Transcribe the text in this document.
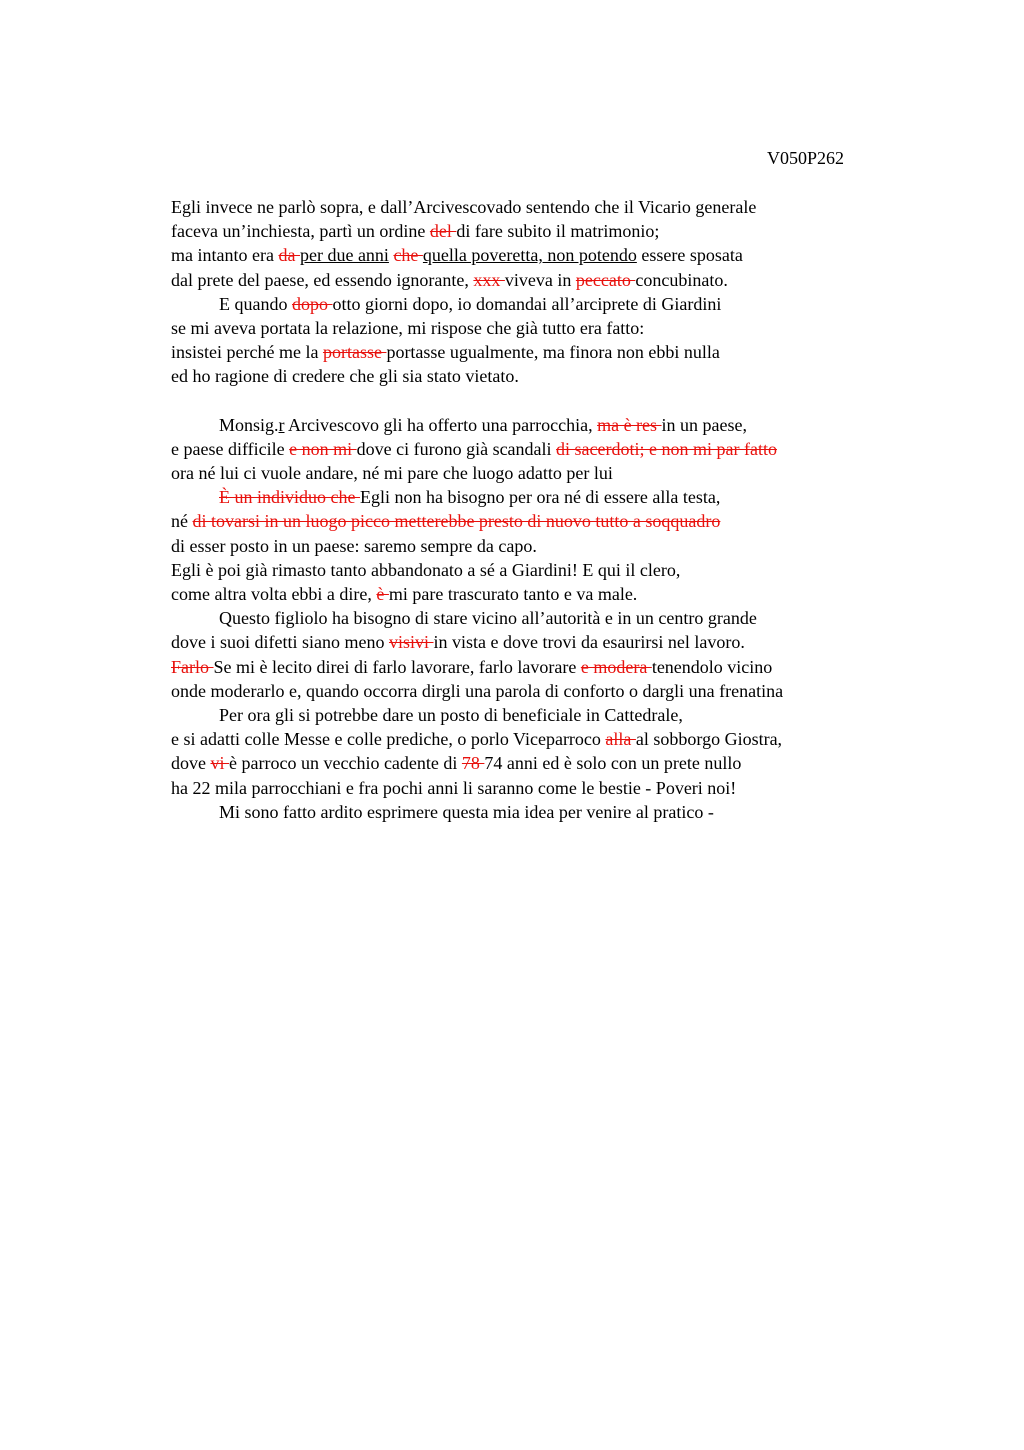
V050P262
Egli invece ne parlò sopra, e dall’Arcivescovado sentendo che il Vicario generale
faceva un’inchiesta, partì un ordine del di fare subito il matrimonio;
ma intanto era da per due anni che quella poveretta, non potendo essere sposata
dal prete del paese, ed essendo ignorante, xxx viveva in peccato concubinato.
E quando dopo otto giorni dopo, io domandai all’arciprete di Giardini
se mi aveva portata la relazione, mi rispose che già tutto era fatto:
insistei perché me la portasse portasse ugualmente, ma finora non ebbi nulla
ed ho ragione di credere che gli sia stato vietato.
Monsig.r Arcivescovo gli ha offerto una parrocchia, ma è res in un paese,
e paese difficile e non mi dove ci furono già scandali di sacerdoti; e non mi par fatto
ora né lui ci vuole andare, né mi pare che luogo adatto per lui
È un individuo che Egli non ha bisogno per ora né di essere alla testa,
né di tovarsi in un luogo picco metterebbe presto di nuovo tutto a soqquadro
di esser posto in un paese: saremo sempre da capo.
Egli è poi già rimasto tanto abbandonato a sé a Giardini! E qui il clero,
come altra volta ebbi a dire, è mi pare trascurato tanto e va male.
Questo figliolo ha bisogno di stare vicino all’autorità e in un centro grande
dove i suoi difetti siano meno visivi in vista e dove trovi da esaurirsi nel lavoro.
Farlo Se mi è lecito direi di farlo lavorare, farlo lavorare e modera tenendolo vicino
onde moderarlo e, quando occorra dirgli una parola di conforto o dargli una frenatina
Per ora gli si potrebbe dare un posto di beneficiale in Cattedrale,
e si adatti colle Messe e colle prediche, o porlo Viceparroco alla al sobborgo Giostra,
dove vi è parroco un vecchio cadente di 78 74 anni ed è solo con un prete nullo
ha 22 mila parrocchiani e fra pochi anni li saranno come le bestie - Poveri noi!
Mi sono fatto ardito esprimere questa mia idea per venire al pratico -
